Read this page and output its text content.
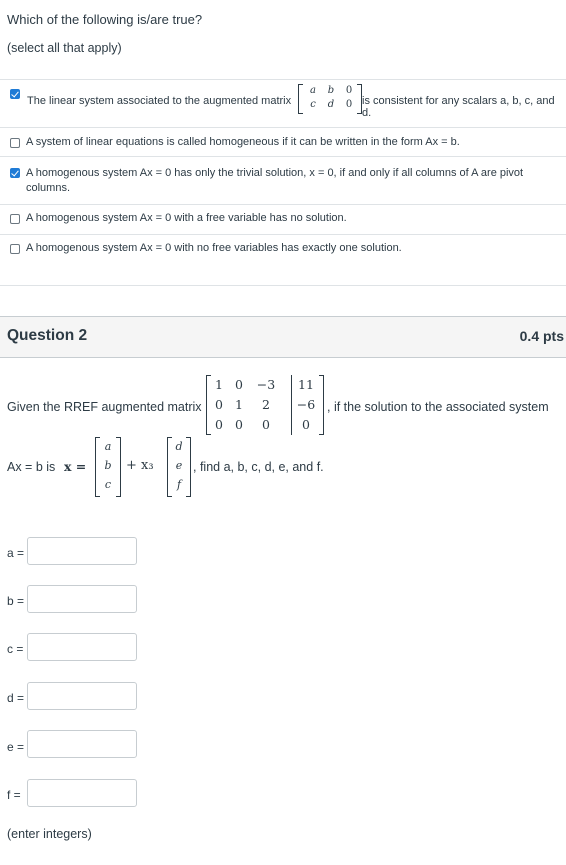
Which of the following is/are true?
(select all that apply)
The linear system associated to the augmented matrix
a	b	0
c	d	0 is consistent for any scalars a, b, c, and d.
A system of linear equations is called homogeneous if it can be written in the form Ax = b.
A homogenous system Ax = 0 has only the trivial solution, x = 0, if and only if all columns of A are pivot columns.
A homogenous system Ax = 0 with a free variable has no solution.
A homogenous system Ax = 0 with no free variables has exactly one solution.
Question 2	0.4 pts
Given the RREF augmented matrix
1 0	−3	11
0 1	2	−6
0 0	0	0
, if the solution to the associated system
Ax = b is x =
a
b
c
+ x₃
d
e
f
, find a, b, c, d, e, and f.
a =
b =
c =
d =
e =
f =
(enter integers)
